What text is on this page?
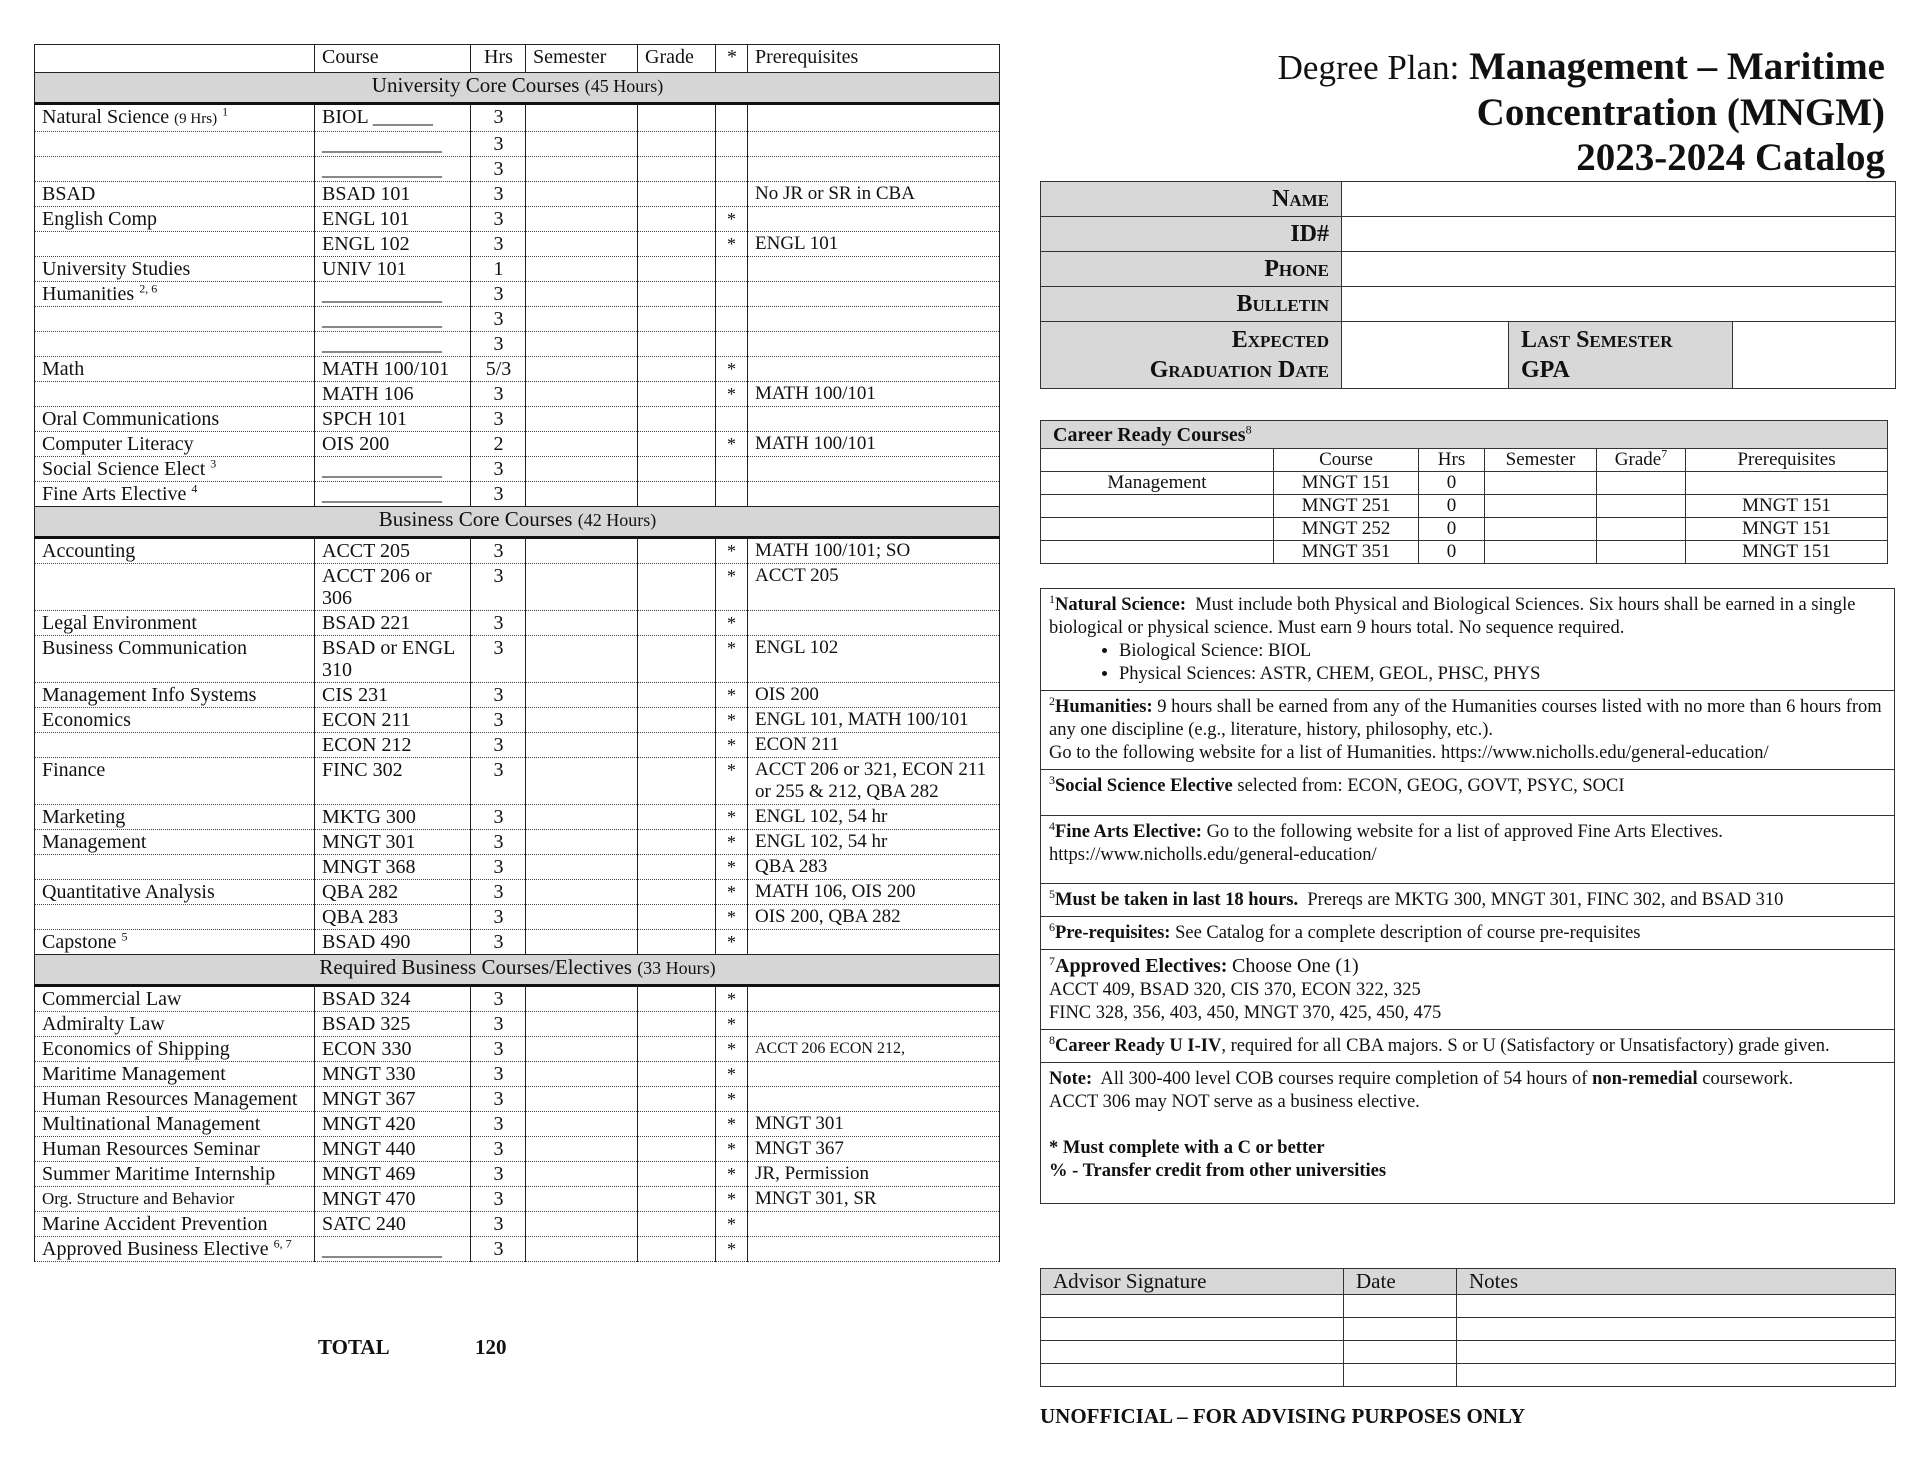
	Course	Hrs	Semester	Grade	*	Prerequisites
University Core Courses (45 Hours)						
Natural Science (9 Hrs) $^1$	BIOL ______	3				
	____________	3				
	____________	3				
BSAD	BSAD 101	3				No JR or SR in CBA
English Comp	ENGL 101	3			*	
	ENGL 102	3			*	ENGL 101
University Studies	UNIV 101	1				
Humanities $^{2, 6}$	____________	3				
	____________	3				
	____________	3				
Math	MATH 100/101	5/3			*	
	MATH 106	3			*	MATH 100/101
Oral Communications	SPCH 101	3				
Computer Literacy	OIS 200	2			*	MATH 100/101
Social Science Elect $^3$	____________	3				
Fine Arts Elective $^4$	____________	3				
Business Core Courses (42 Hours)						
Accounting	ACCT 205	3			*	MATH 100/101; SO
	ACCT 206 or 306	3			*	ACCT 205
Legal Environment	BSAD 221	3			*	
Business Communication	BSAD or ENGL 310	3			*	ENGL 102
Management Info Systems	CIS 231	3			*	OIS 200
Economics	ECON 211	3			*	ENGL 101, MATH 100/101
	ECON 212	3			*	ECON 211
Finance	FINC 302	3			*	ACCT 206 or 321, ECON 211 or 255 & 212, QBA 282
Marketing	MKTG 300	3			*	ENGL 102, 54 hr
Management	MNGT 301	3			*	ENGL 102, 54 hr
	MNGT 368	3			*	QBA 283
Quantitative Analysis	QBA 282	3			*	MATH 106, OIS 200
	QBA 283	3			*	OIS 200, QBA 282
Capstone $^5$	BSAD 490	3			*	
Required Business Courses/Electives (33 Hours)						
Commercial Law	BSAD 324	3			*	
Admiralty Law	BSAD 325	3			*	
Economics of Shipping	ECON 330	3			*	ACCT 206 ECON 212,
Maritime Management	MNGT 330	3			*	
Human Resources Management	MNGT 367	3			*	
Multinational Management	MNGT 420	3			*	MNGT 301
Human Resources Seminar	MNGT 440	3			*	MNGT 367
Summer Maritime Internship	MNGT 469	3			*	JR, Permission
Org. Structure and Behavior	MNGT 470	3			*	MNGT 301, SR
Marine Accident Prevention	SATC 240	3			*	
Approved Business Elective $^{6, 7}$	____________	3			*	
TOTAL	120
Degree Plan: Management – Maritime
Concentration (MNGM)
2023-2024 Catalog
Name			
ID#			
Phone			
Bulletin			
Expected
Graduation Date		Last Semester
GPA	
Career Ready Courses$^8$
	Course	Hrs	Semester	Grade$^7$	Prerequisites
Management	MNGT 151	0			
	MNGT 251	0			MNGT 151
	MNGT 252	0			MNGT 151
	MNGT 351	0			MNGT 151
$^1$Natural Science: Must include both Physical and Biological Sciences. Six hours shall be earned in a single biological or physical science. Must earn 9 hours total. No sequence required.
• Biological Science: BIOL
• Physical Sciences: ASTR, CHEM, GEOL, PHSC, PHYS

$^2$Humanities: 9 hours shall be earned from any of the Humanities courses listed with no more than 6 hours from any one discipline (e.g., literature, history, philosophy, etc.).
Go to the following website for a list of Humanities. https://www.nicholls.edu/general-education/
$^3$Social Science Elective selected from: ECON, GEOG, GOVT, PSYC, SOCI
$^4$Fine Arts Elective: Go to the following website for a list of approved Fine Arts Electives.
https://www.nicholls.edu/general-education/
$^5$Must be taken in last 18 hours. Prereqs are MKTG 300, MNGT 301, FINC 302, and BSAD 310
$^6$Pre-requisites: See Catalog for a complete description of course pre-requisites
$^7$Approved Electives: Choose One (1)
ACCT 409, BSAD 320, CIS 370, ECON 322, 325
FINC 328, 356, 403, 450, MNGT 370, 425, 450, 475
$^8$Career Ready U I-IV, required for all CBA majors. S or U (Satisfactory or Unsatisfactory) grade given.
Note: All 300-400 level COB courses require completion of 54 hours of non-remedial coursework.
ACCT 306 may NOT serve as a business elective.

* Must complete with a C or better
% - Transfer credit from other universities
Advisor Signature	Date	Notes

UNOFFICIAL – FOR ADVISING PURPOSES ONLY
